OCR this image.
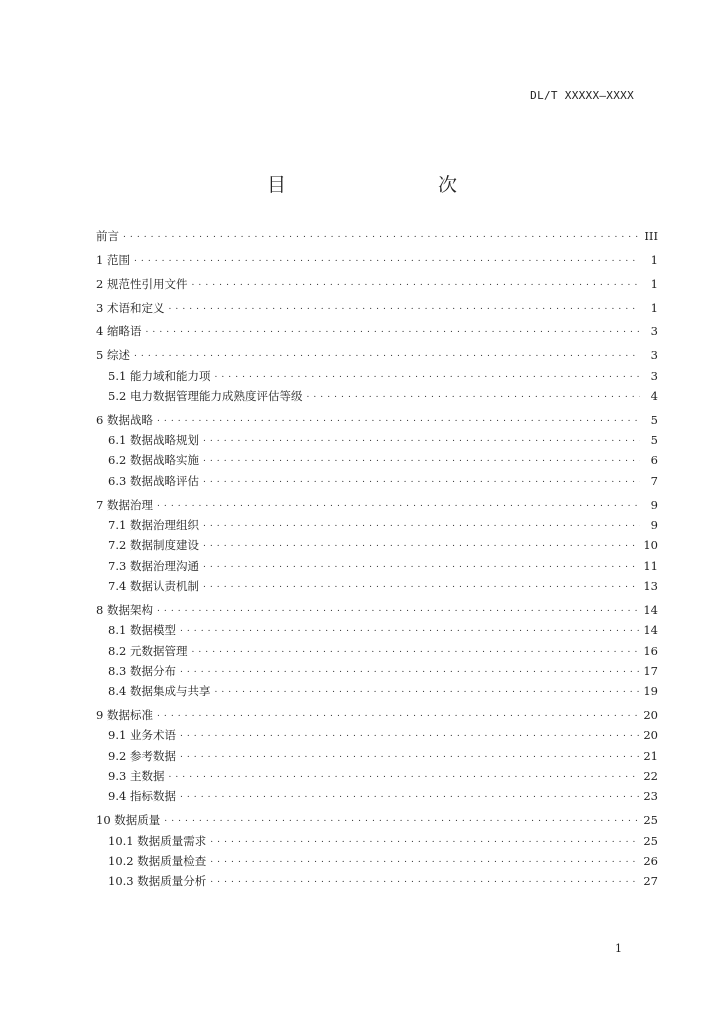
DL/T XXXXX—XXXX
目　　次
前言 . . .	III
1 范围 . . .	1
2 规范性引用文件 . . .	1
3 术语和定义 . . .	1
4 缩略语 . . .	3
5 综述 . . .	3
5.1 能力域和能力项 . . .	3
5.2 电力数据管理能力成熟度评估等级 . . .	4
6 数据战略 . . .	5
6.1 数据战略规划 . . .	5
6.2 数据战略实施 . . .	6
6.3 数据战略评估 . . .	7
7 数据治理 . . .	9
7.1 数据治理组织 . . .	9
7.2 数据制度建设 . . .	10
7.3 数据治理沟通 . . .	11
7.4 数据认责机制 . . .	13
8 数据架构 . . .	14
8.1 数据模型 . . .	14
8.2 元数据管理 . . .	16
8.3 数据分布 . . .	17
8.4 数据集成与共享 . . .	19
9 数据标准 . . .	20
9.1 业务术语 . . .	20
9.2 参考数据 . . .	21
9.3 主数据 . . .	22
9.4 指标数据 . . .	23
10 数据质量 . . .	25
10.1 数据质量需求 . . .	25
10.2 数据质量检查 . . .	26
10.3 数据质量分析 . . .	27
1
